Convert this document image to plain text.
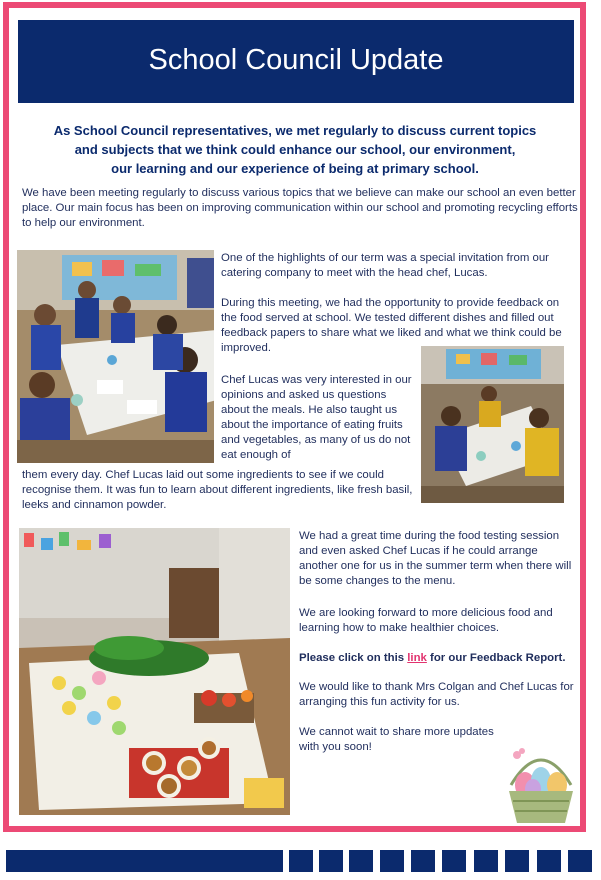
School Council Update
As School Council representatives, we met regularly to discuss current topics
and subjects that we think could enhance our school, our environment,
our learning and our experience of being at primary school.

We have been meeting regularly to discuss various topics that we believe can make our school an even better place. Our main focus has been on improving communication within our school and promoting recycling efforts to help our environment.

One of the highlights of our term was a special invitation from our catering company to meet with the head chef, Lucas.

During this meeting, we had the opportunity to provide feedback on the food served at school. We tested different dishes and filled out feedback papers to share what we liked and what we think could be improved.

Chef Lucas was very interested in our opinions and asked us questions about the meals. He also taught us about the importance of eating fruits and vegetables, as many of us do not eat enough of

them every day. Chef Lucas laid out some ingredients to see if we could recognise them. It was fun to learn about different ingredients, like fresh basil, leeks and cinnamon powder.

We had a great time during the food testing session and even asked Chef Lucas if he could arrange another one for us in the summer term when there will be some changes to the menu.

We are looking forward to more delicious food and learning how to make healthier choices.

Please click on this link for our Feedback Report.

We would like to thank Mrs Colgan and Chef Lucas for arranging this fun activity for us.

We cannot wait to share more updates
with you soon!
